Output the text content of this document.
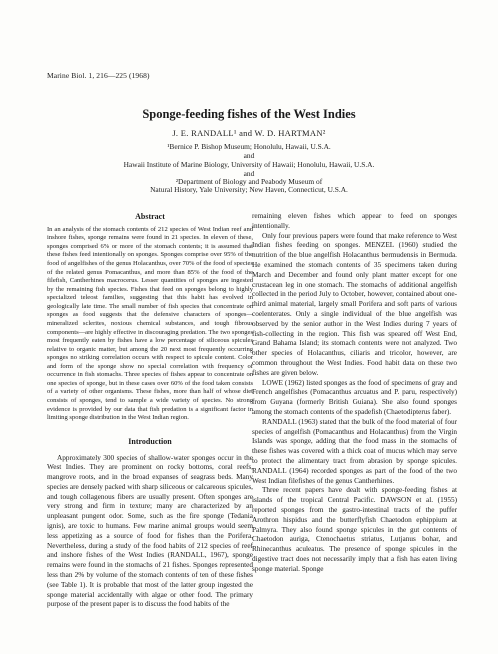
Marine Biol. 1, 216—225 (1968)
Sponge-feeding fishes of the West Indies
J. E. RANDALL¹ and W. D. HARTMAN²
¹Bernice P. Bishop Museum; Honolulu, Hawaii, U.S.A.
and
Hawaii Institute of Marine Biology, University of Hawaii; Honolulu, Hawaii, U.S.A.
and
²Department of Biology and Peabody Museum of
Natural History, Yale University; New Haven, Connecticut, U.S.A.
Abstract

In an analysis of the stomach contents of 212 species of West Indian reef and inshore fishes, sponge remains were found in 21 species. In eleven of these, sponges comprised 6% or more of the stomach contents; it is assumed that these fishes feed intentionally on sponges. Sponges comprise over 95% of the food of angelfishes of the genus Holacanthus, over 70% of the food of species of the related genus Pomacanthus, and more than 85% of the food of the filefish, Cantherhines macrocerus. Lesser quantities of sponges are ingested by the remaining fish species. Fishes that feed on sponges belong to highly specialized teleost families, suggesting that this habit has evolved in geologically late time. The small number of fish species that concentrate on sponges as food suggests that the defensive characters of sponges—mineralized sclerites, noxious chemical substances, and tough fibrous components—are highly effective in discouraging predation. The two sponges most frequently eaten by fishes have a low percentage of siliceous spicules relative to organic matter, but among the 20 next most frequently occurring sponges no striking correlation occurs with respect to spicule content. Color and form of the sponge show no special correlation with frequency of occurrence in fish stomachs. Three species of fishes appear to concentrate on one species of sponge, but in these cases over 60% of the food taken consists of a variety of other organisms. These fishes, more than half of whose diet consists of sponges, tend to sample a wide variety of species. No strong evidence is provided by our data that fish predation is a significant factor in limiting sponge distribution in the West Indian region.

Introduction

Approximately 300 species of shallow-water sponges occur in the West Indies. They are prominent on rocky bottoms, coral reefs, mangrove roots, and in the broad expanses of seagrass beds. Many species are densely packed with sharp siliceous or calcareous spicules, and tough collagenous fibers are usually present. Often sponges are very strong and firm in texture; many are characterized by an unpleasant pungent odor. Some, such as the fire sponge (Tedania ignis), are toxic to humans. Few marine animal groups would seem less appetizing as a source of food for fishes than the Porifera. Nevertheless, during a study of the food habits of 212 species of reef and inshore fishes of the West Indies (RANDALL, 1967), sponge remains were found in the stomachs of 21 fishes. Sponges represented less than 2% by volume of the stomach contents of ten of these fishes (see Table 1). It is probable that most of the latter group ingested the sponge material accidentally with algae or other food. The primary purpose of the present paper is to discuss the food habits of the

remaining eleven fishes which appear to feed on sponges intentionally.

Only four previous papers were found that make reference to West Indian fishes feeding on sponges. MENZEL (1960) studied the nutrition of the blue angelfish Holacanthus bermudensis in Bermuda. He examined the stomach contents of 35 specimens taken during March and December and found only plant matter except for one crustacean leg in one stomach. The stomachs of additional angelfish collected in the period July to October, however, contained about one-third animal material, largely small Porifera and soft parts of various coelenterates. Only a single individual of the blue angelfish was observed by the senior author in the West Indies during 7 years of fish-collecting in the region. This fish was speared off West End, Grand Bahama Island; its stomach contents were not analyzed. Two other species of Holacanthus, ciliaris and tricolor, however, are common throughout the West Indies. Food habit data on these two fishes are given below.

LOWE (1962) listed sponges as the food of specimens of gray and French angelfishes (Pomacanthus arcuatus and P. paru, respectively) from Guyana (formerly British Guiana). She also found sponges among the stomach contents of the spadefish (Chaetodipterus faber).

RANDALL (1963) stated that the bulk of the food material of four species of angelfish (Pomacanthus and Holacanthus) from the Virgin Islands was sponge, adding that the food mass in the stomachs of these fishes was covered with a thick coat of mucus which may serve to protect the alimentary tract from abrasion by sponge spicules. RANDALL (1964) recorded sponges as part of the food of the two West Indian filefishes of the genus Cantherhines.

Three recent papers have dealt with sponge-feeding fishes at islands of the tropical Central Pacific. DAWSON et al. (1955) reported sponges from the gastro-intestinal tracts of the puffer Arothron hispidus and the butterflyfish Chaetodon ephippium at Palmyra. They also found sponge spicules in the gut contents of Chaetodon auriga, Ctenochaetus striatus, Lutjanus bohar, and Rhinecanthus aculeatus. The presence of sponge spicules in the digestive tract does not necessarily imply that a fish has eaten living sponge material. Sponge
